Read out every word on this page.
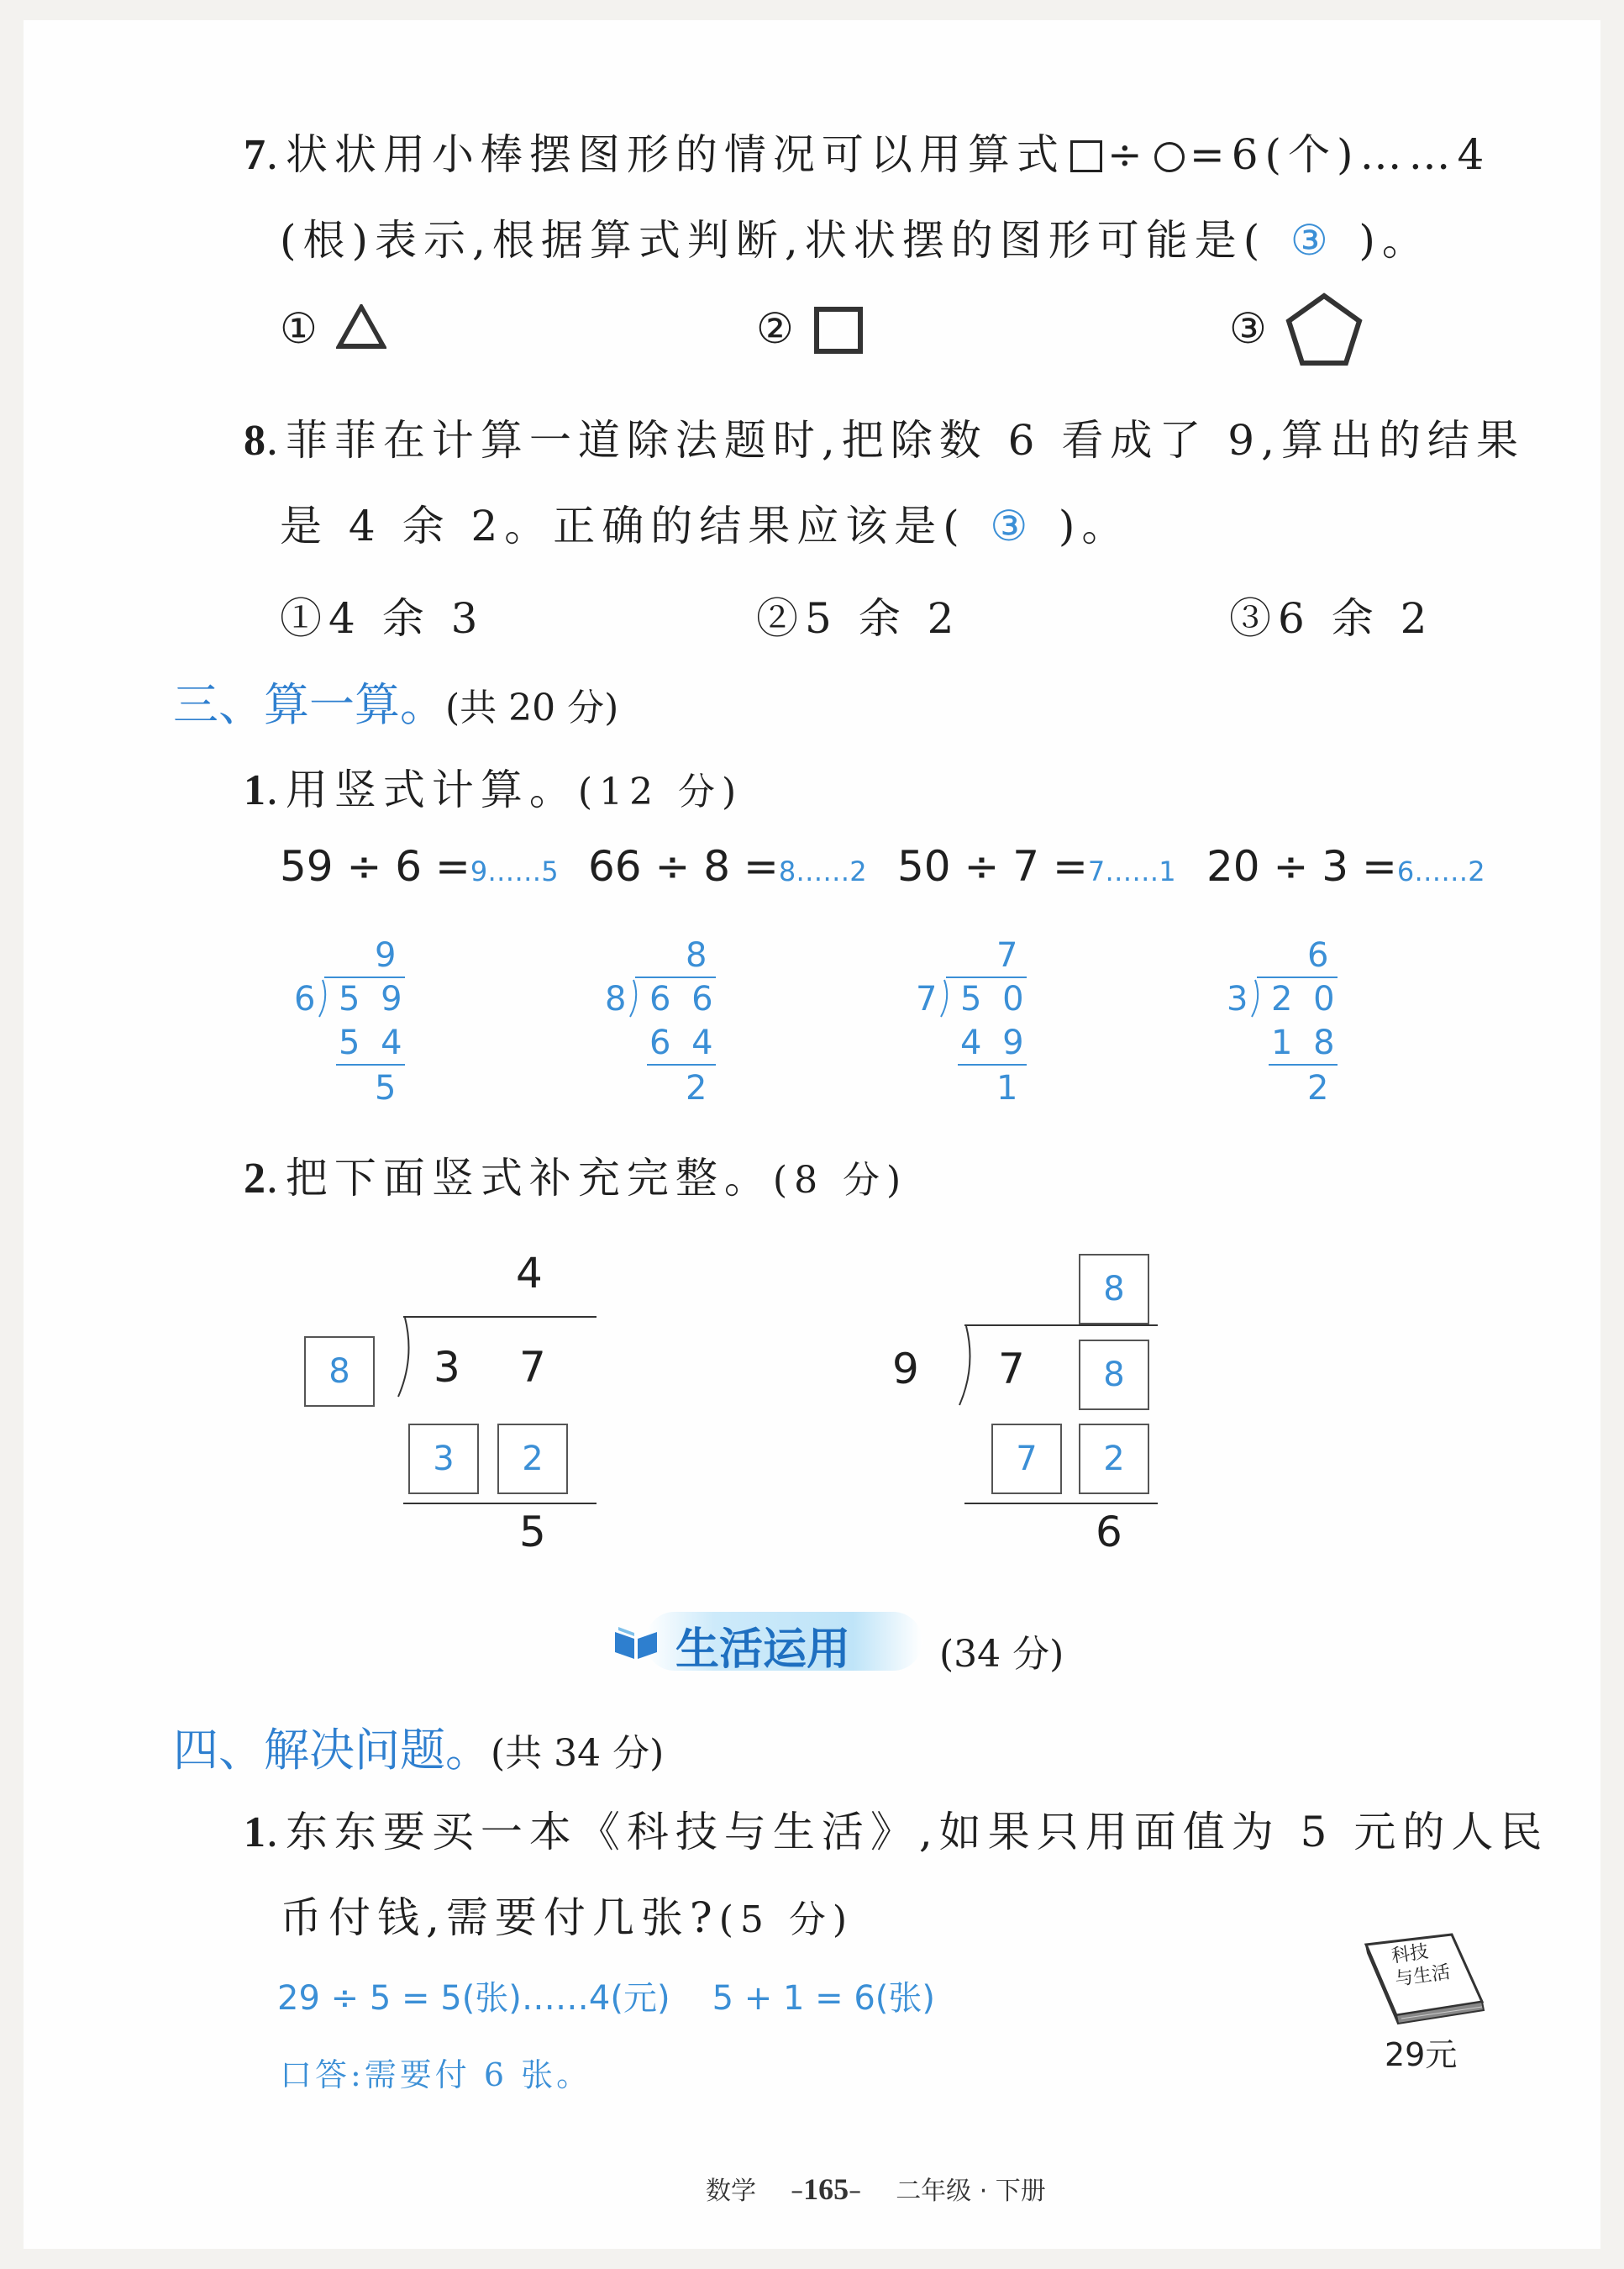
7.状状用小棒摆图形的情况可以用算式 ÷ =6(个)……4
(根)表示,根据算式判断,状状摆的图形可能是( ③ )。
①	②	③
8.菲菲在计算一道除法题时,把除数 6 看成了 9,算出的结果
是 4 余 2。正确的结果应该是( ③ )。
①4 余 3	②5 余 2	③6 余 2
三、算一算。(共 20 分)
1.用竖式计算。(12 分)
59 ÷ 6 =9……5 66 ÷ 8 =8……2 50 ÷ 7 =7……1 20 ÷ 3 =6……2
9
6 5 9
5 4
5
8
8 6 6
6 4
2
7
7 5 0
4 9
1
6
3 2 0
1 8
2
2.把下面竖式补充完整。(8 分)
4
8	3 7
3	2
5
8
9 7	8
7	2
6
生活运用 (34 分)
四、解决问题。(共 34 分)
1.东东要买一本《科技与生活》,如果只用面值为 5 元的人民
币付钱,需要付几张?(5 分)
29 ÷ 5 = 5(张)……4(元) 5 + 1 = 6(张)
口答:需要付 6 张。
科技
与生活
29元
数学 –165– 二年级 · 下册
